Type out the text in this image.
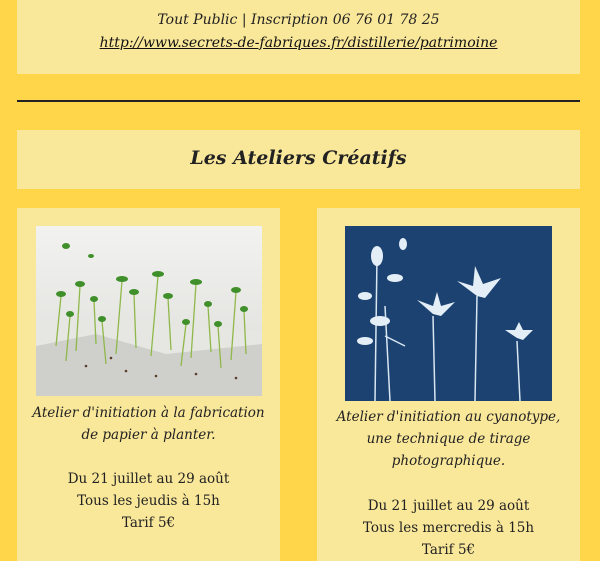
Tout Public | Inscription 06 76 01 78 25
http://www.secrets-de-fabriques.fr/distillerie/patrimoine
Les Ateliers Créatifs
Atelier d'initiation à la fabrication
de papier à planter.
Du 21 juillet au 29 août
Tous les jeudis à 15h
Tarif 5€
Atelier d'initiation au cyanotype,
une technique de tirage
photographique.
Du 21 juillet au 29 août
Tous les mercredis à 15h
Tarif 5€
